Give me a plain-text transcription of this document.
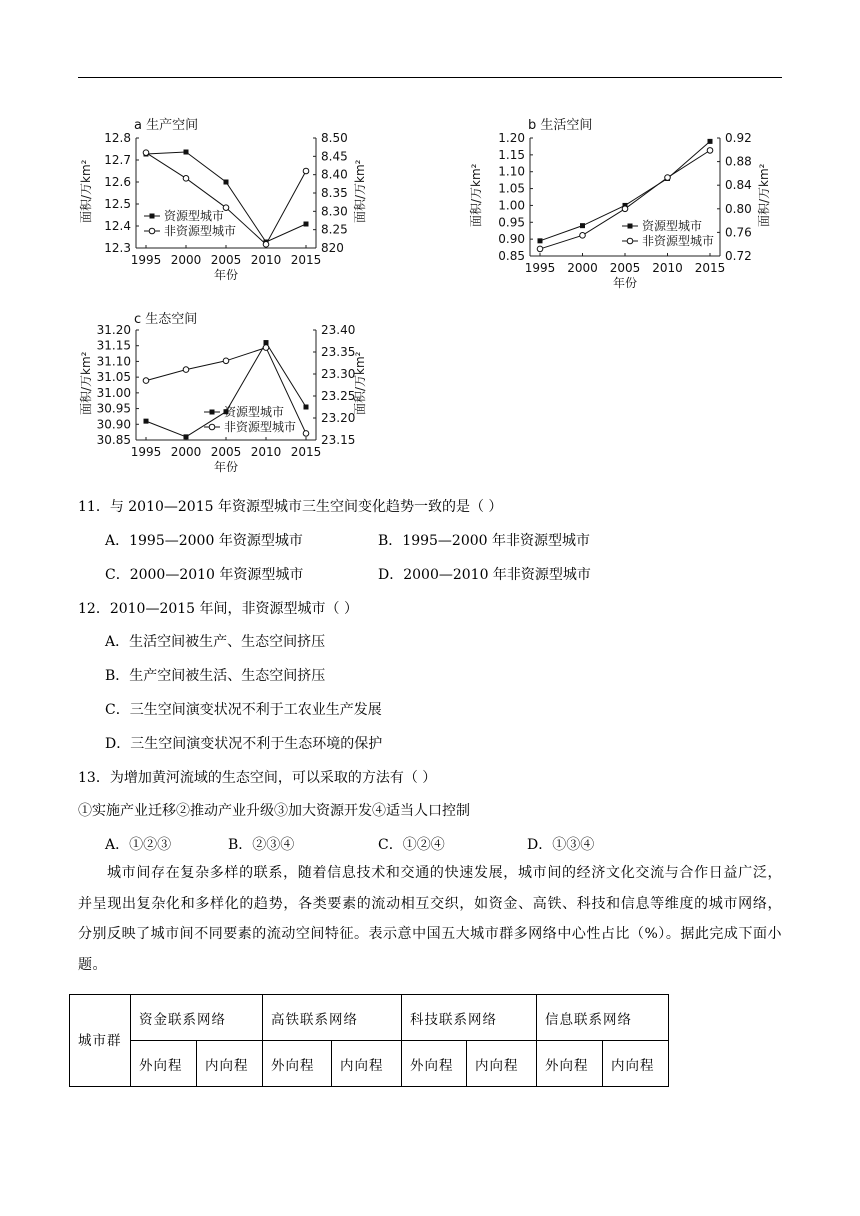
a 生产空间
12.8
12.7
12.6
12.5
12.4
12.3
8.50
8.45
8.40
8.35
8.30
8.25
820
1995 2000 2005 2010 2015
年份
面积/万km²	面积/万km²
资源型城市
非资源型城市
b 生活空间
1.20
1.15
1.10
1.05
1.00
0.95
0.90
0.85
0.92
0.88
0.84
0.80
0.76
0.72
1995 2000 2005 2010 2015
年份
面积/万km²	面积/万km²
资源型城市
非资源型城市
c 生态空间
31.20
31.15
31.10
31.05
31.00
30.95
30.90
30.85
23.40
23.35
23.30
23.25
23.20
23.15
1995 2000 2005 2010 2015
年份
面积/万km²	面积/万km²
资源型城市
非资源型城市
11．与 2010—2015 年资源型城市三生空间变化趋势一致的是（ ）
A．1995—2000 年资源型城市	B．1995—2000 年非资源型城市
C．2000—2010 年资源型城市	D．2000—2010 年非资源型城市
12．2010—2015 年间，非资源型城市（ ）
A．生活空间被生产、生态空间挤压
B．生产空间被生活、生态空间挤压
C．三生空间演变状况不利于工农业生产发展
D．三生空间演变状况不利于生态环境的保护
13．为增加黄河流域的生态空间，可以采取的方法有（ ）
①实施产业迁移②推动产业升级③加大资源开发④适当人口控制
A．①②③	B．②③④	C．①②④	D．①③④
城市间存在复杂多样的联系，随着信息技术和交通的快速发展，城市间的经济文化交流与合作日益广泛，并呈现出复杂化和多样化的趋势，各类要素的流动相互交织，如资金、高铁、科技和信息等维度的城市网络，分别反映了城市间不同要素的流动空间特征。表示意中国五大城市群多网络中心性占比（%）。据此完成下面小题。
城市群	资金联系网络		高铁联系网络		科技联系网络		信息联系网络	
	外向程	内向程	外向程	内向程	外向程	内向程	外向程	内向程
